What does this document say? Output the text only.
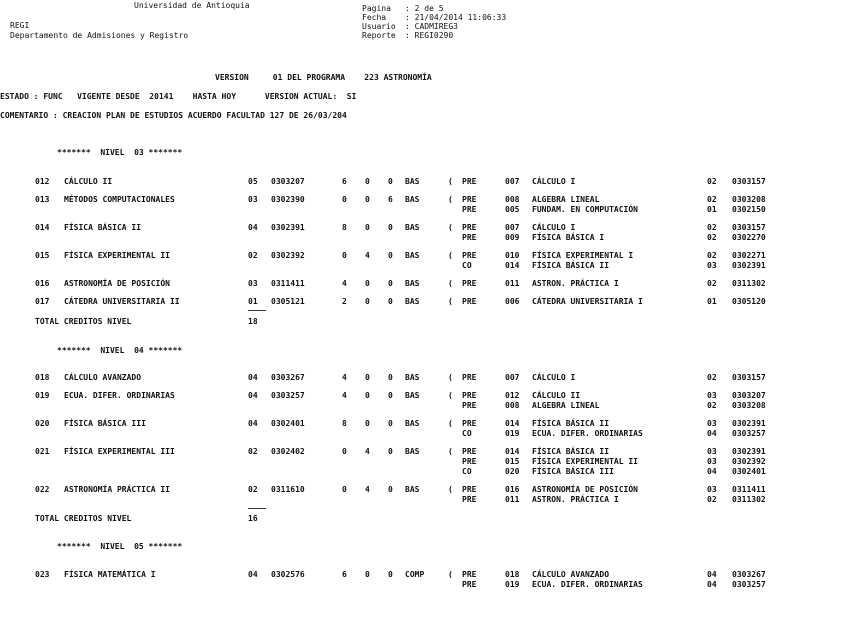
Universidad de Antioquia
REGI
Departamento de Admisiones y Registro
Pagina : 2 de 5
Fecha : 21/04/2014 11:06:33
Usuario : CADMIREG3
Reporte : REGI0290
VERSION     01 DEL PROGRAMA    223 ASTRONOMÍA
ESTADO : FUNC   VIGENTE DESDE  20141    HASTA HOY      VERSION ACTUAL:  SI
COMENTARIO : CREACION PLAN DE ESTUDIOS ACUERDO FACULTAD 127 DE 26/03/204
*******  NIVEL  03 *******
012 CÁLCULO II	05 0303207	6 0 0 BAS	( PRE	007 CÁLCULO I	02 0303157
013 MÉTODOS COMPUTACIONALES	03 0302390	0 0 6 BAS	( PRE	008 ALGEBRA LINEAL	02 0303208
PRE	005 FUNDAM. EN COMPUTACIÓN	01 0302150
014 FÍSICA BÁSICA II	04 0302391	8 0 0 BAS	( PRE	007 CÁLCULO I	02 0303157
PRE	009 FÍSICA BÁSICA I	02 0302270
015 FÍSICA EXPERIMENTAL II	02 0302392	0 4 0 BAS	( PRE	010 FÍSICA EXPERIMENTAL I	02 0302271
CO	014 FÍSICA BÁSICA II	03 0302391
016 ASTRONOMÍA DE POSICIÓN	03 0311411	4 0 0 BAS	( PRE	011 ASTRON. PRÁCTICA I	02 0311302
017 CÁTEDRA UNIVERSITARIA II	01 0305121	2 0 0 BAS	( PRE	006 CÁTEDRA UNIVERSITARIA I	01 0305120
TOTAL CREDITOS NIVEL	18
*******  NIVEL  04 *******
018 CÁLCULO AVANZADO	04 0303267	4 0 0 BAS	( PRE	007 CÁLCULO I	02 0303157
019 ECUA. DIFER. ORDINARIAS	04 0303257	4 0 0 BAS	( PRE	012 CÁLCULO II	03 0303207
PRE	008 ALGEBRA LINEAL	02 0303208
020 FÍSICA BÁSICA III	04 0302401	8 0 0 BAS	( PRE	014 FÍSICA BÁSICA II	03 0302391
CO	019 ECUA. DIFER. ORDINARIAS	04 0303257
021 FÍSICA EXPERIMENTAL III	02 0302402	0 4 0 BAS	( PRE	014 FÍSICA BÁSICA II	03 0302391
PRE	015 FÍSICA EXPERIMENTAL II	03 0302392
CO	020 FÍSICA BÁSICA III	04 0302401
022 ASTRONOMÍA PRÁCTICA II	02 0311610	0 4 0 BAS	( PRE	016 ASTRONOMÍA DE POSICIÓN	03 0311411
PRE	011 ASTRON. PRÁCTICA I	02 0311302
TOTAL CREDITOS NIVEL	16
*******  NIVEL  05 *******
023 FÍSICA MATEMÁTICA I	04 0302576	6 0 0 COMP	( PRE	018 CÁLCULO AVANZADO	04 0303267
PRE	019 ECUA. DIFER. ORDINARIAS	04 0303257
